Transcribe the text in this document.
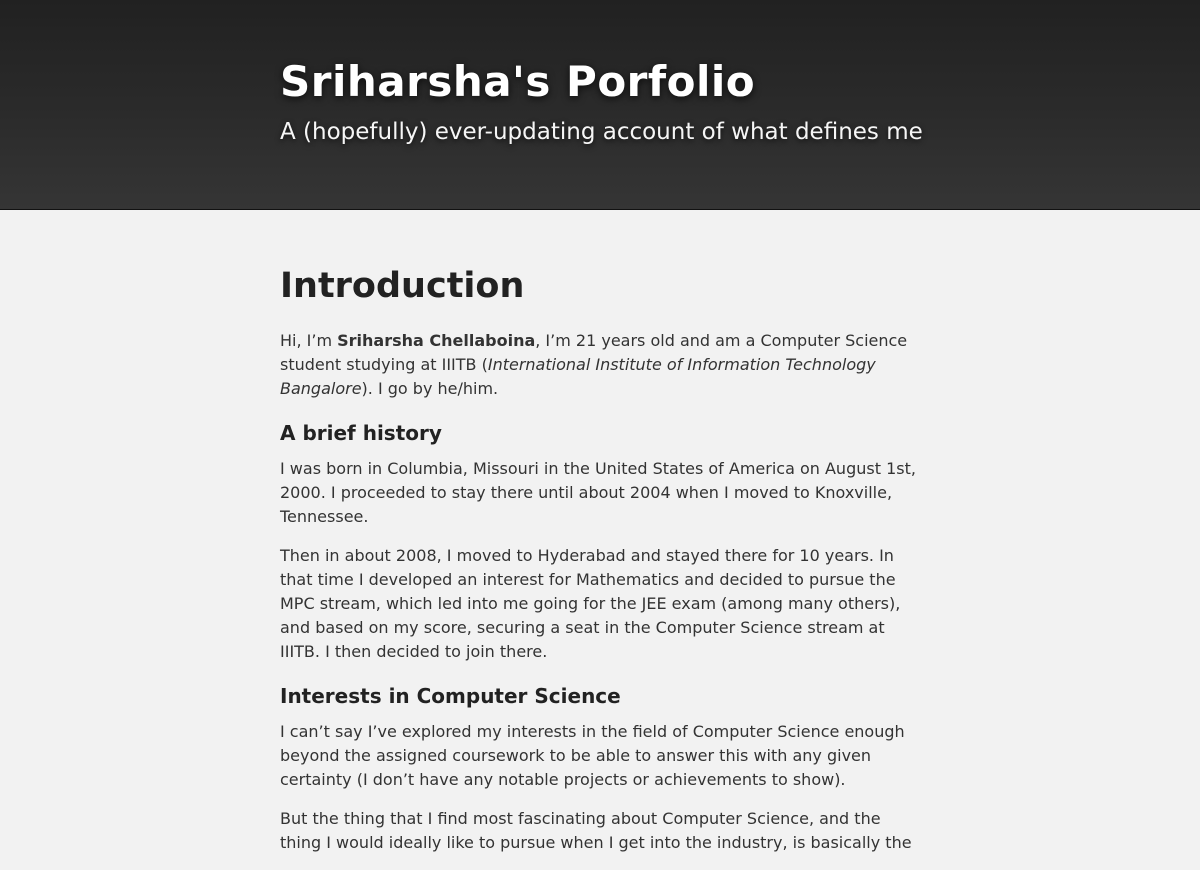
Sriharsha's Porfolio
A (hopefully) ever-updating account of what defines me
Introduction

Hi, I’m Sriharsha Chellaboina, I’m 21 years old and am a Computer Science student studying at IIITB (International Institute of Information Technology Bangalore). I go by he/him.

A brief history

I was born in Columbia, Missouri in the United States of America on August 1st, 2000. I proceeded to stay there until about 2004 when I moved to Knoxville, Tennessee.

Then in about 2008, I moved to Hyderabad and stayed there for 10 years. In that time I developed an interest for Mathematics and decided to pursue the MPC stream, which led into me going for the JEE exam (among many others), and based on my score, securing a seat in the Computer Science stream at IIITB. I then decided to join there.

Interests in Computer Science

I can’t say I’ve explored my interests in the field of Computer Science enough beyond the assigned coursework to be able to answer this with any given certainty (I don’t have any notable projects or achievements to show).

But the thing that I find most fascinating about Computer Science, and the thing I would ideally like to pursue when I get into the industry, is basically the
